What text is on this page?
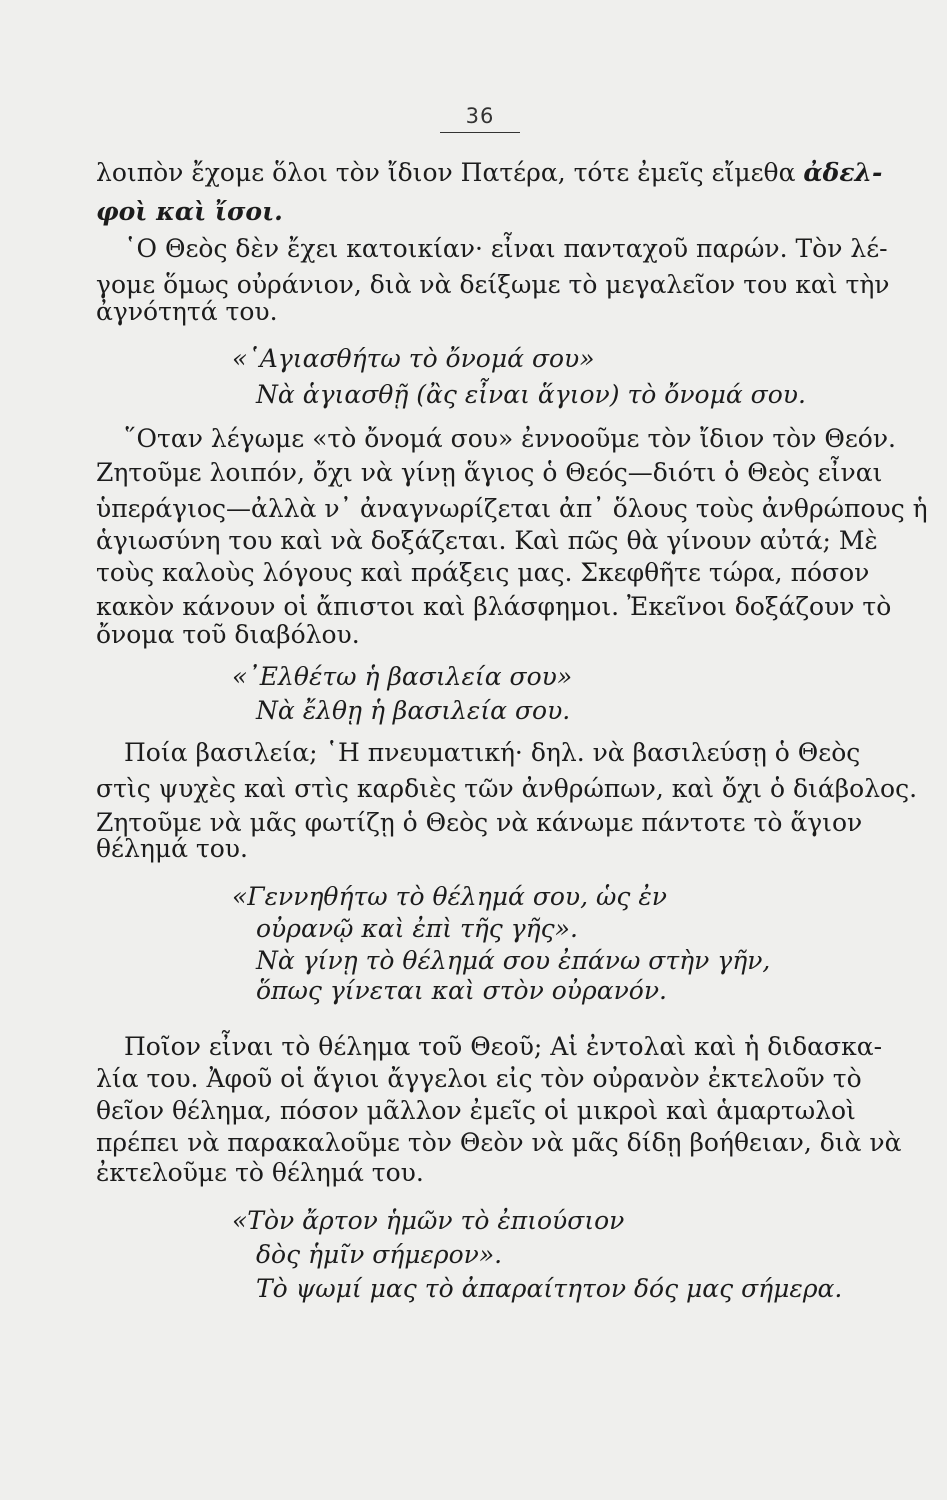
36
λοιπὸν ἔχομε ὅλοι τὸν ἴδιον Πατέρα, τότε ἐμεῖς εἴμεθα ἀδελ-
φοὶ καὶ ἴσοι.
῾Ο Θεὸς δὲν ἔχει κατοικίαν· εἶναι πανταχοῦ παρών. Τὸν λέ-
γομε ὅμως οὐράνιον, διὰ νὰ δείξωμε τὸ μεγαλεῖον του καὶ τὴν
ἀγνότητά του.
«῾Αγιασθήτω τὸ ὄνομά σου»
Νὰ ἁγιασθῇ (ἂς εἶναι ἅγιον) τὸ ὄνομά σου.
῞Οταν λέγωμε «τὸ ὄνομά σου» ἐννοοῦμε τὸν ἴδιον τὸν Θεόν.
Ζητοῦμε λοιπόν, ὄχι νὰ γίνῃ ἅγιος ὁ Θεός—διότι ὁ Θεὸς εἶναι
ὑπεράγιος—ἀλλὰ ν᾽ ἀναγνωρίζεται ἀπ᾽ ὅλους τοὺς ἀνθρώπους ἡ
ἁγιωσύνη του καὶ νὰ δοξάζεται. Καὶ πῶς θὰ γίνουν αὐτά; Μὲ
τοὺς καλοὺς λόγους καὶ πράξεις μας. Σκεφθῆτε τώρα, πόσον
κακὸν κάνουν οἱ ἄπιστοι καὶ βλάσφημοι. Ἐκεῖνοι δοξάζουν τὸ
ὄνομα τοῦ διαβόλου.
«᾽Ελθέτω ἡ βασιλεία σου»
Νὰ ἔλθῃ ἡ βασιλεία σου.
Ποία βασιλεία; ῾Η πνευματική· δηλ. νὰ βασιλεύσῃ ὁ Θεὸς
στὶς ψυχὲς καὶ στὶς καρδιὲς τῶν ἀνθρώπων, καὶ ὄχι ὁ διάβολος.
Ζητοῦμε νὰ μᾶς φωτίζῃ ὁ Θεὸς νὰ κάνωμε πάντοτε τὸ ἅγιον
θέλημά του.
«Γεννηθήτω τὸ θέλημά σου, ὡς ἐν
οὐρανῷ καὶ ἐπὶ τῆς γῆς».
Νὰ γίνῃ τὸ θέλημά σου ἐπάνω στὴν γῆν,
ὅπως γίνεται καὶ στὸν οὐρανόν.
Ποῖον εἶναι τὸ θέλημα τοῦ Θεοῦ; Αἱ ἐντολαὶ καὶ ἡ διδασκα-
λία του. Ἀφοῦ οἱ ἅγιοι ἄγγελοι εἰς τὸν οὐρανὸν ἐκτελοῦν τὸ
θεῖον θέλημα, πόσον μᾶλλον ἐμεῖς οἱ μικροὶ καὶ ἁμαρτωλοὶ
πρέπει νὰ παρακαλοῦμε τὸν Θεὸν νὰ μᾶς δίδῃ βοήθειαν, διὰ νὰ
ἐκτελοῦμε τὸ θέλημά του.
«Τὸν ἄρτον ἡμῶν τὸ ἐπιούσιον
δὸς ἡμῖν σήμερον».
Τὸ ψωμί μας τὸ ἀπαραίτητον δός μας σήμερα.
